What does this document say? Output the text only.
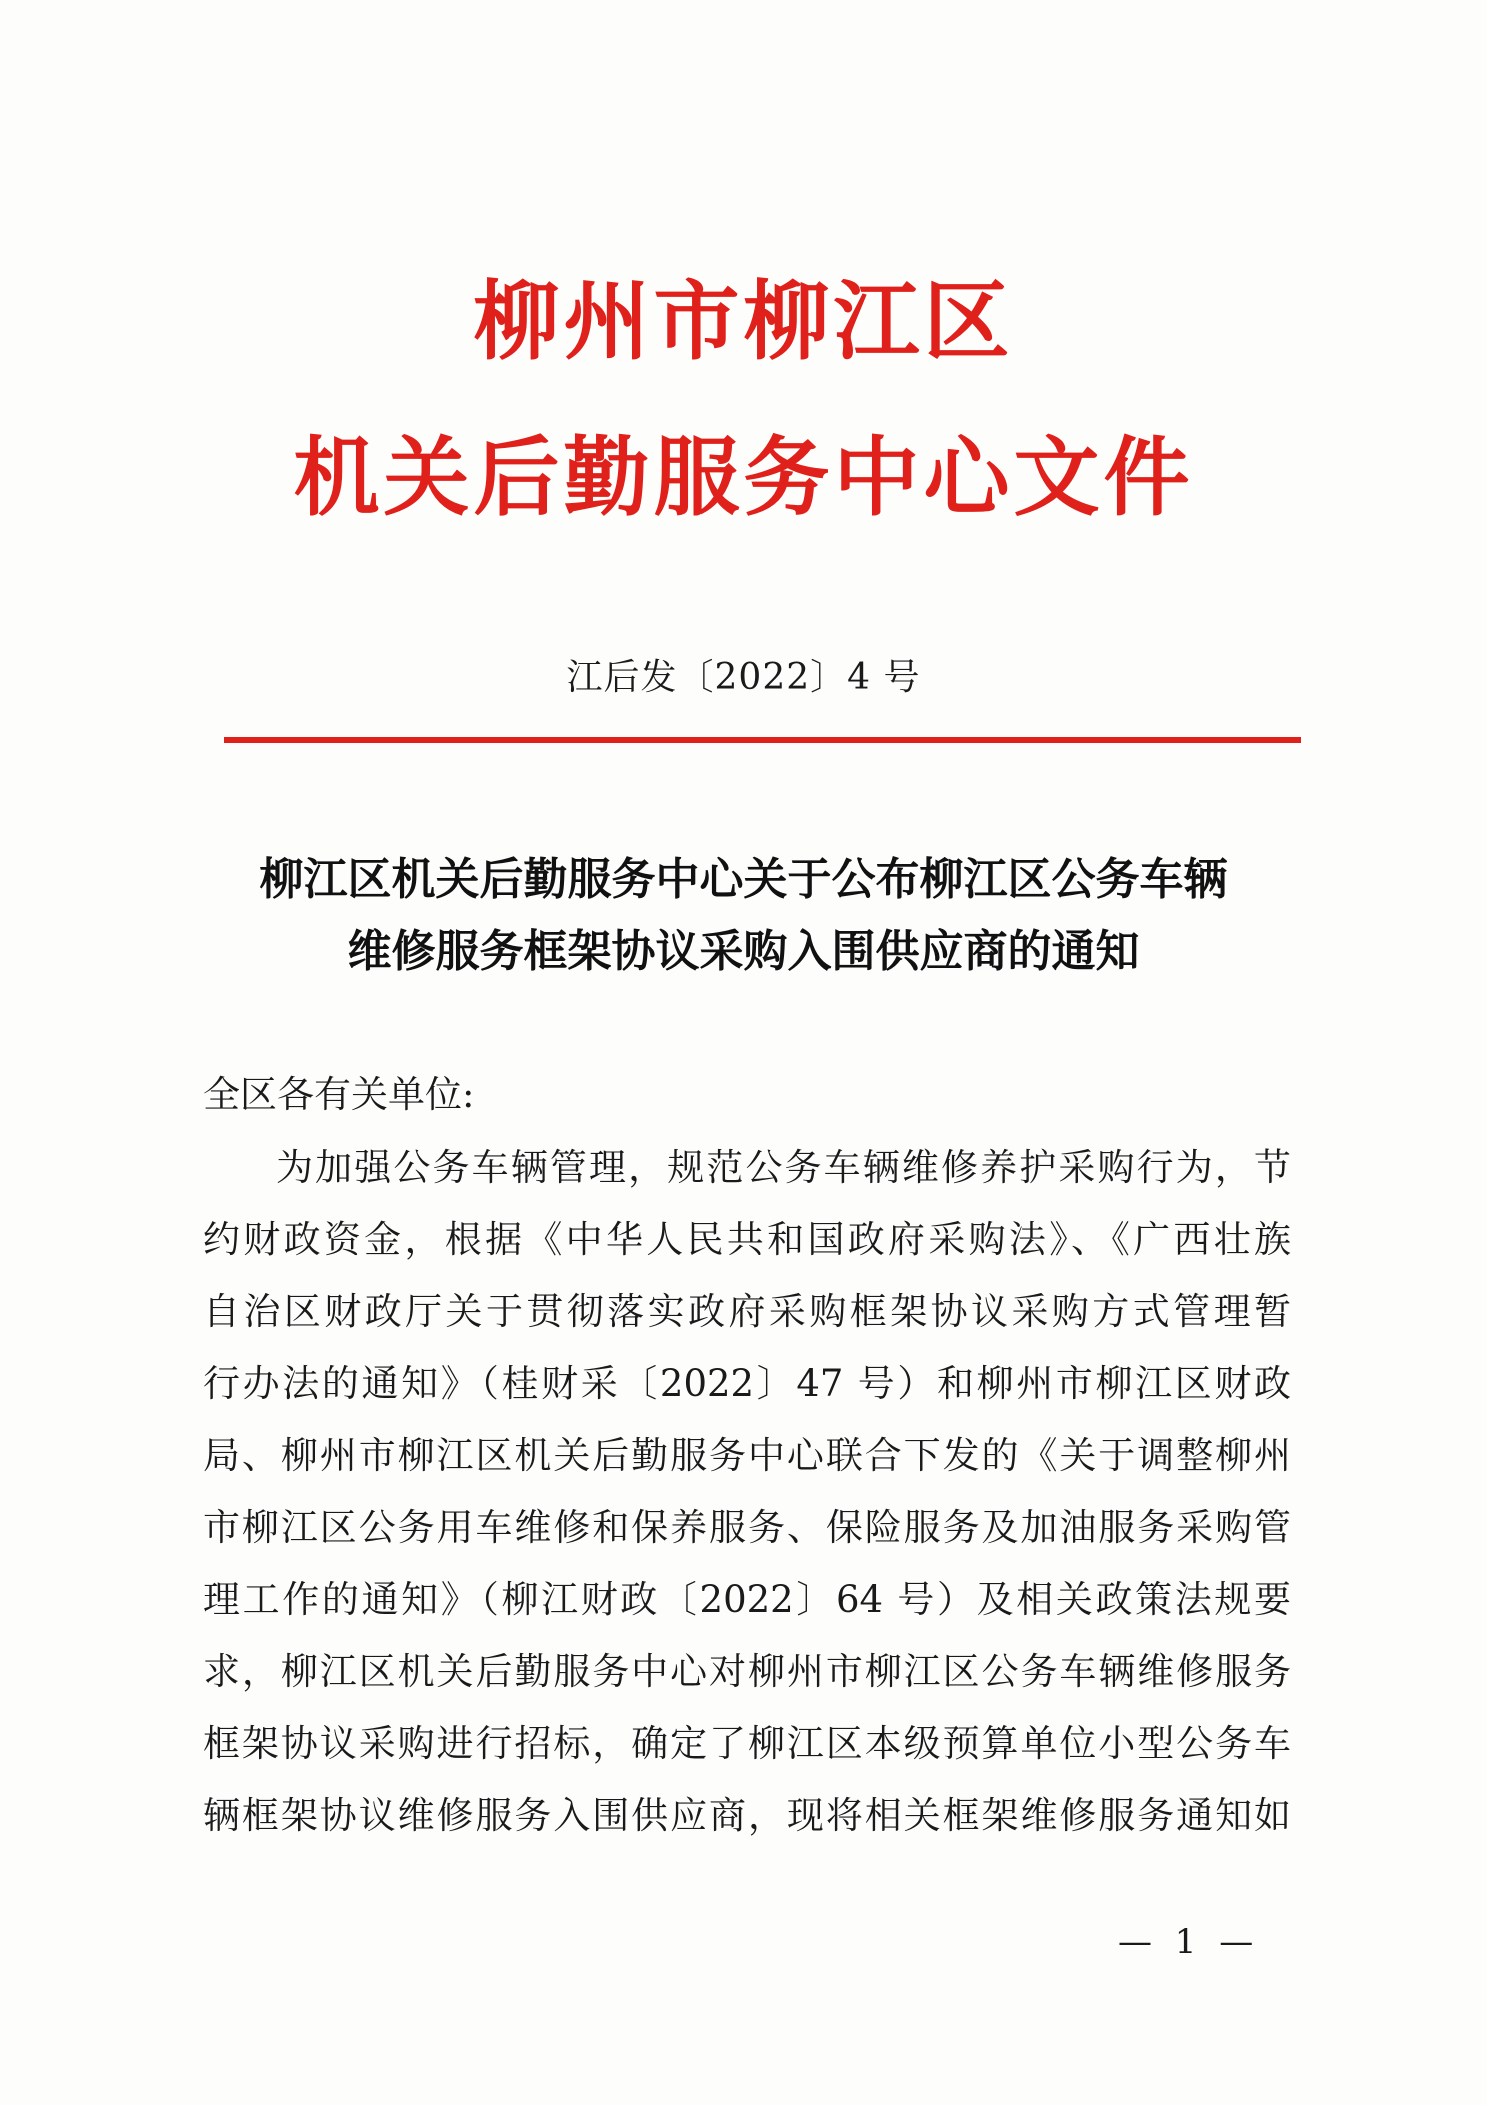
柳州市柳江区
机关后勤服务中心文件
江后发〔2022〕4 号
柳江区机关后勤服务中心关于公布柳江区公务车辆
维修服务框架协议采购入围供应商的通知
全区各有关单位:
为加强公务车辆管理，规范公务车辆维修养护采购行为，节
约财政资金，根据《中华人民共和国政府采购法》、《广西壮族
自治区财政厅关于贯彻落实政府采购框架协议采购方式管理暂
行办法的通知》（桂财采〔2022〕47 号）和柳州市柳江区财政
局、柳州市柳江区机关后勤服务中心联合下发的《关于调整柳州
市柳江区公务用车维修和保养服务、保险服务及加油服务采购管
理工作的通知》（柳江财政〔2022〕64 号）及相关政策法规要
求，柳江区机关后勤服务中心对柳州市柳江区公务车辆维修服务
框架协议采购进行招标，确定了柳江区本级预算单位小型公务车
辆框架协议维修服务入围供应商，现将相关框架维修服务通知如
— 1 —
